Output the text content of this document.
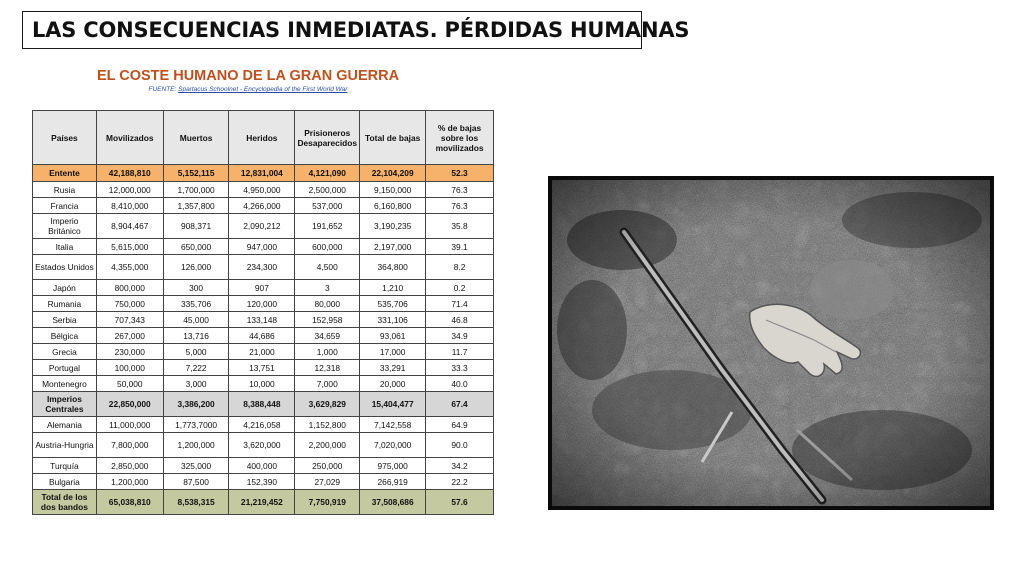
LAS CONSECUENCIAS INMEDIATAS. PÉRDIDAS HUMANAS
EL COSTE HUMANO DE LA GRAN GUERRA
FUENTE: Spartacus Schoolnet - Encyclopedia of the First World War
Países	Movilizados	Muertos	Heridos	Prisioneros Desaparecidos	Total de bajas	% de bajas sobre los movilizados
Entente	42,188,810	5,152,115	12,831,004	4,121,090	22,104,209	52.3
Rusia	12,000,000	1,700,000	4,950,000	2,500,000	9,150,000	76.3
Francia	8,410,000	1,357,800	4,266,000	537,000	6,160,800	76.3
Imperio Británico	8,904,467	908,371	2,090,212	191,652	3,190,235	35.8
Italia	5,615,000	650,000	947,000	600,000	2,197,000	39.1
Estados Unidos	4,355,000	126,000	234,300	4,500	364,800	8.2
Japón	800,000	300	907	3	1,210	0.2
Rumania	750,000	335,706	120,000	80,000	535,706	71.4
Serbia	707,343	45,000	133,148	152,958	331,106	46.8
Bélgica	267,000	13,716	44,686	34,659	93,061	34.9
Grecia	230,000	5,000	21,000	1,000	17,000	11.7
Portugal	100,000	7,222	13,751	12,318	33,291	33.3
Montenegro	50,000	3,000	10,000	7,000	20,000	40.0
Imperios Centrales	22,850,000	3,386,200	8,388,448	3,629,829	15,404,477	67.4
Alemania	11,000,000	1,773,7000	4,216,058	1,152,800	7,142,558	64.9
Austria-Hungria	7,800,000	1,200,000	3,620,000	2,200,000	7,020,000	90.0
Turquía	2,850,000	325,000	400,000	250,000	975,000	34.2
Bulgaria	1,200,000	87,500	152,390	27,029	266,919	22.2
Total de los dos bandos	65,038,810	8,538,315	21,219,452	7,750,919	37,508,686	57.6
